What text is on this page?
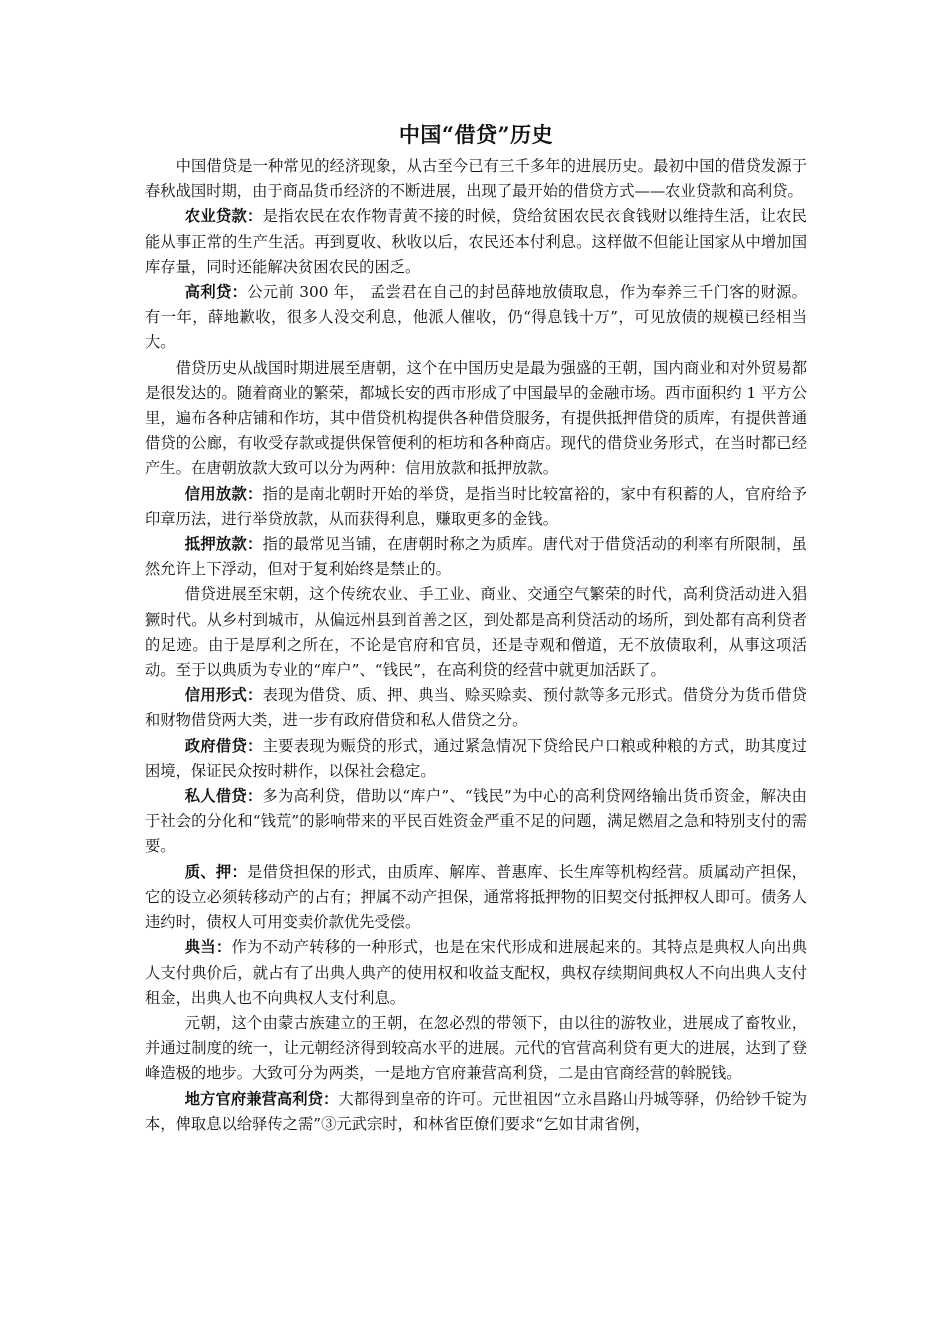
中国“借贷”历史

中国借贷是一种常见的经济现象，从古至今已有三千多年的进展历史。最初中国的借贷发源于春秋战国时期，由于商品货币经济的不断进展，出现了最开始的借贷方式——农业贷款和高利贷。

农业贷款：是指农民在农作物青黄不接的时候，贷给贫困农民衣食钱财以维持生活，让农民能从事正常的生产生活。再到夏收、秋收以后，农民还本付利息。这样做不但能让国家从中增加国库存量，同时还能解决贫困农民的困乏。

高利贷：公元前 300 年， 孟尝君在自己的封邑薛地放债取息，作为奉养三千门客的财源。有一年，薛地歉收，很多人没交利息，他派人催收，仍“得息钱十万”，可见放债的规模已经相当大。

借贷历史从战国时期进展至唐朝，这个在中国历史是最为强盛的王朝，国内商业和对外贸易都是很发达的。随着商业的繁荣，都城长安的西市形成了中国最早的金融市场。西市面积约 1 平方公里，遍布各种店铺和作坊，其中借贷机构提供各种借贷服务，有提供抵押借贷的质库，有提供普通借贷的公廊，有收受存款或提供保管便利的柜坊和各种商店。现代的借贷业务形式，在当时都已经产生。在唐朝放款大致可以分为两种：信用放款和抵押放款。

信用放款：指的是南北朝时开始的举贷，是指当时比较富裕的，家中有积蓄的人，官府给予印章历法，进行举贷放款，从而获得利息，赚取更多的金钱。

抵押放款：指的最常见当铺，在唐朝时称之为质库。唐代对于借贷活动的利率有所限制，虽然允许上下浮动，但对于复利始终是禁止的。

借贷进展至宋朝，这个传统农业、手工业、商业、交通空气繁荣的时代，高利贷活动进入猖獗时代。从乡村到城市，从偏远州县到首善之区，到处都是高利贷活动的场所，到处都有高利贷者的足迹。由于是厚利之所在，不论是官府和官员，还是寺观和僧道，无不放债取利，从事这项活动。至于以典质为专业的“库户”、“钱民”，在高利贷的经营中就更加活跃了。

信用形式：表现为借贷、质、押、典当、赊买赊卖、预付款等多元形式。借贷分为货币借贷和财物借贷两大类，进一步有政府借贷和私人借贷之分。

政府借贷：主要表现为赈贷的形式，通过紧急情况下贷给民户口粮或种粮的方式，助其度过困境，保证民众按时耕作，以保社会稳定。

私人借贷：多为高利贷，借助以“库户”、“钱民”为中心的高利贷网络输出货币资金，解决由于社会的分化和“钱荒”的影响带来的平民百姓资金严重不足的问题，满足燃眉之急和特别支付的需要。

质、押：是借贷担保的形式，由质库、解库、普惠库、长生库等机构经营。质属动产担保，它的设立必须转移动产的占有；押属不动产担保，通常将抵押物的旧契交付抵押权人即可。债务人违约时，债权人可用变卖价款优先受偿。

典当：作为不动产转移的一种形式，也是在宋代形成和进展起来的。其特点是典权人向出典人支付典价后，就占有了出典人典产的使用权和收益支配权，典权存续期间典权人不向出典人支付租金，出典人也不向典权人支付利息。

元朝，这个由蒙古族建立的王朝，在忽必烈的带领下，由以往的游牧业，进展成了畜牧业，并通过制度的统一，让元朝经济得到较高水平的进展。元代的官营高利贷有更大的进展，达到了登峰造极的地步。大致可分为两类，一是地方官府兼营高利贷，二是由官商经营的斡脱钱。

地方官府兼营高利贷：大都得到皇帝的许可。元世祖因“立永昌路山丹城等驿，仍给钞千锭为本，俾取息以给驿传之需”③元武宗时，和林省臣僚们要求“乞如甘肃省例，
